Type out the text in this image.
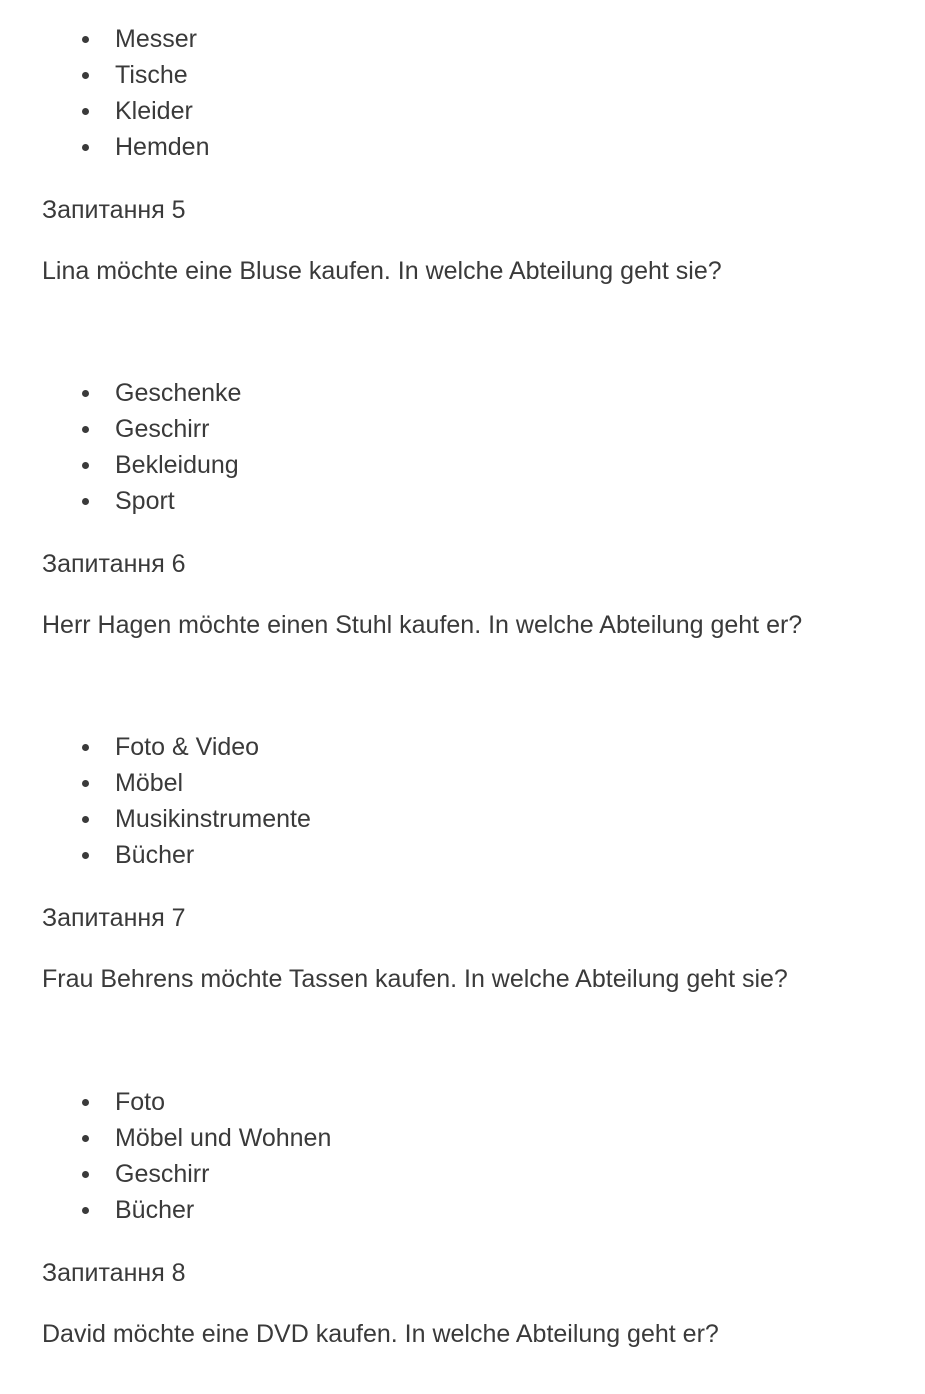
Messer
Tische
Kleider
Hemden
Запитання 5
Lina möchte eine Bluse kaufen. In welche Abteilung geht sie?
Geschenke
Geschirr
Bekleidung
Sport
Запитання 6
Herr Hagen möchte einen Stuhl kaufen. In welche Abteilung geht er?
Foto & Video
Möbel
Musikinstrumente
Bücher
Запитання 7
Frau Behrens möchte Tassen kaufen. In welche Abteilung geht sie?
Foto
Möbel und Wohnen
Geschirr
Bücher
Запитання 8
David möchte eine DVD kaufen. In welche Abteilung geht er?
